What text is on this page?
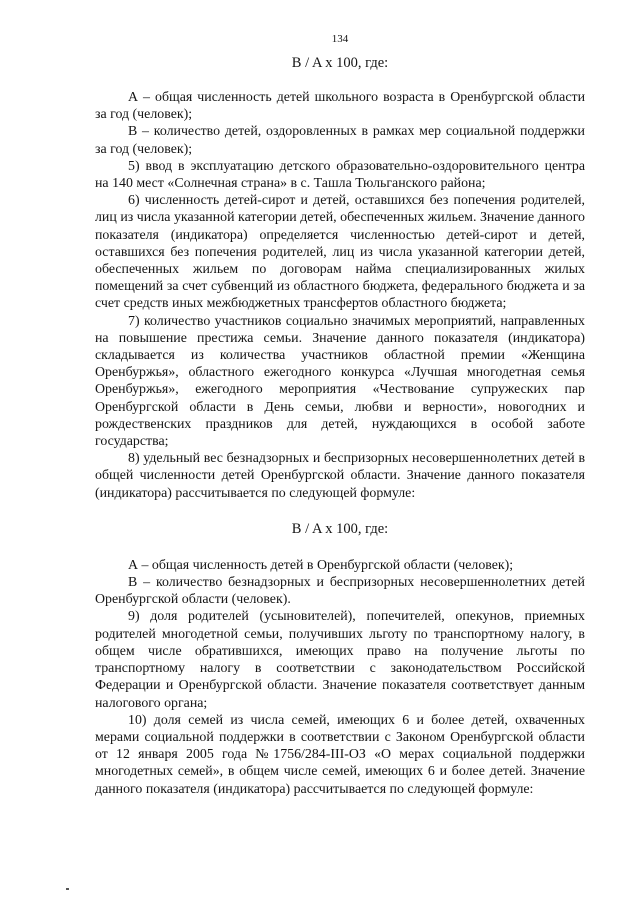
134

B / A x 100, где:

А – общая численность детей школьного возраста в Оренбургской области за год (человек);

В – количество детей, оздоровленных в рамках мер социальной поддержки за год (человек);

5) ввод в эксплуатацию детского образовательно-оздоровительного центра на 140 мест «Солнечная страна» в с. Ташла Тюльганского района;

6) численность детей-сирот и детей, оставшихся без попечения родителей, лиц из числа указанной категории детей, обеспеченных жильем. Значение данного показателя (индикатора) определяется численностью детей-сирот и детей, оставшихся без попечения родителей, лиц из числа указанной категории детей, обеспеченных жильем по договорам найма специализированных жилых помещений за счет субвенций из областного бюджета, федерального бюджета и за счет средств иных межбюджетных трансфертов областного бюджета;

7) количество участников социально значимых мероприятий, направленных на повышение престижа семьи. Значение данного показателя (индикатора) складывается из количества участников областной премии «Женщина Оренбуржья», областного ежегодного конкурса «Лучшая многодетная семья Оренбуржья», ежегодного мероприятия «Чествование супружеских пар Оренбургской области в День семьи, любви и верности», новогодних и рождественских праздников для детей, нуждающихся в особой заботе государства;

8) удельный вес безнадзорных и беспризорных несовершеннолетних детей в общей численности детей Оренбургской области. Значение данного показателя (индикатора) рассчитывается по следующей формуле:

B / A x 100, где:

А – общая численность детей в Оренбургской области (человек);

В – количество безнадзорных и беспризорных несовершеннолетних детей Оренбургской области (человек).

9) доля родителей (усыновителей), попечителей, опекунов, приемных родителей многодетной семьи, получивших льготу по транспортному налогу, в общем числе обратившихся, имеющих право на получение льготы по транспортному налогу в соответствии с законодательством Российской Федерации и Оренбургской области. Значение показателя соответствует данным налогового органа;

10) доля семей из числа семей, имеющих 6 и более детей, охваченных мерами социальной поддержки в соответствии с Законом Оренбургской области от 12 января 2005 года №1756/284-III-ОЗ «О мерах социальной поддержки многодетных семей», в общем числе семей, имеющих 6 и более детей. Значение данного показателя (индикатора) рассчитывается по следующей формуле:
